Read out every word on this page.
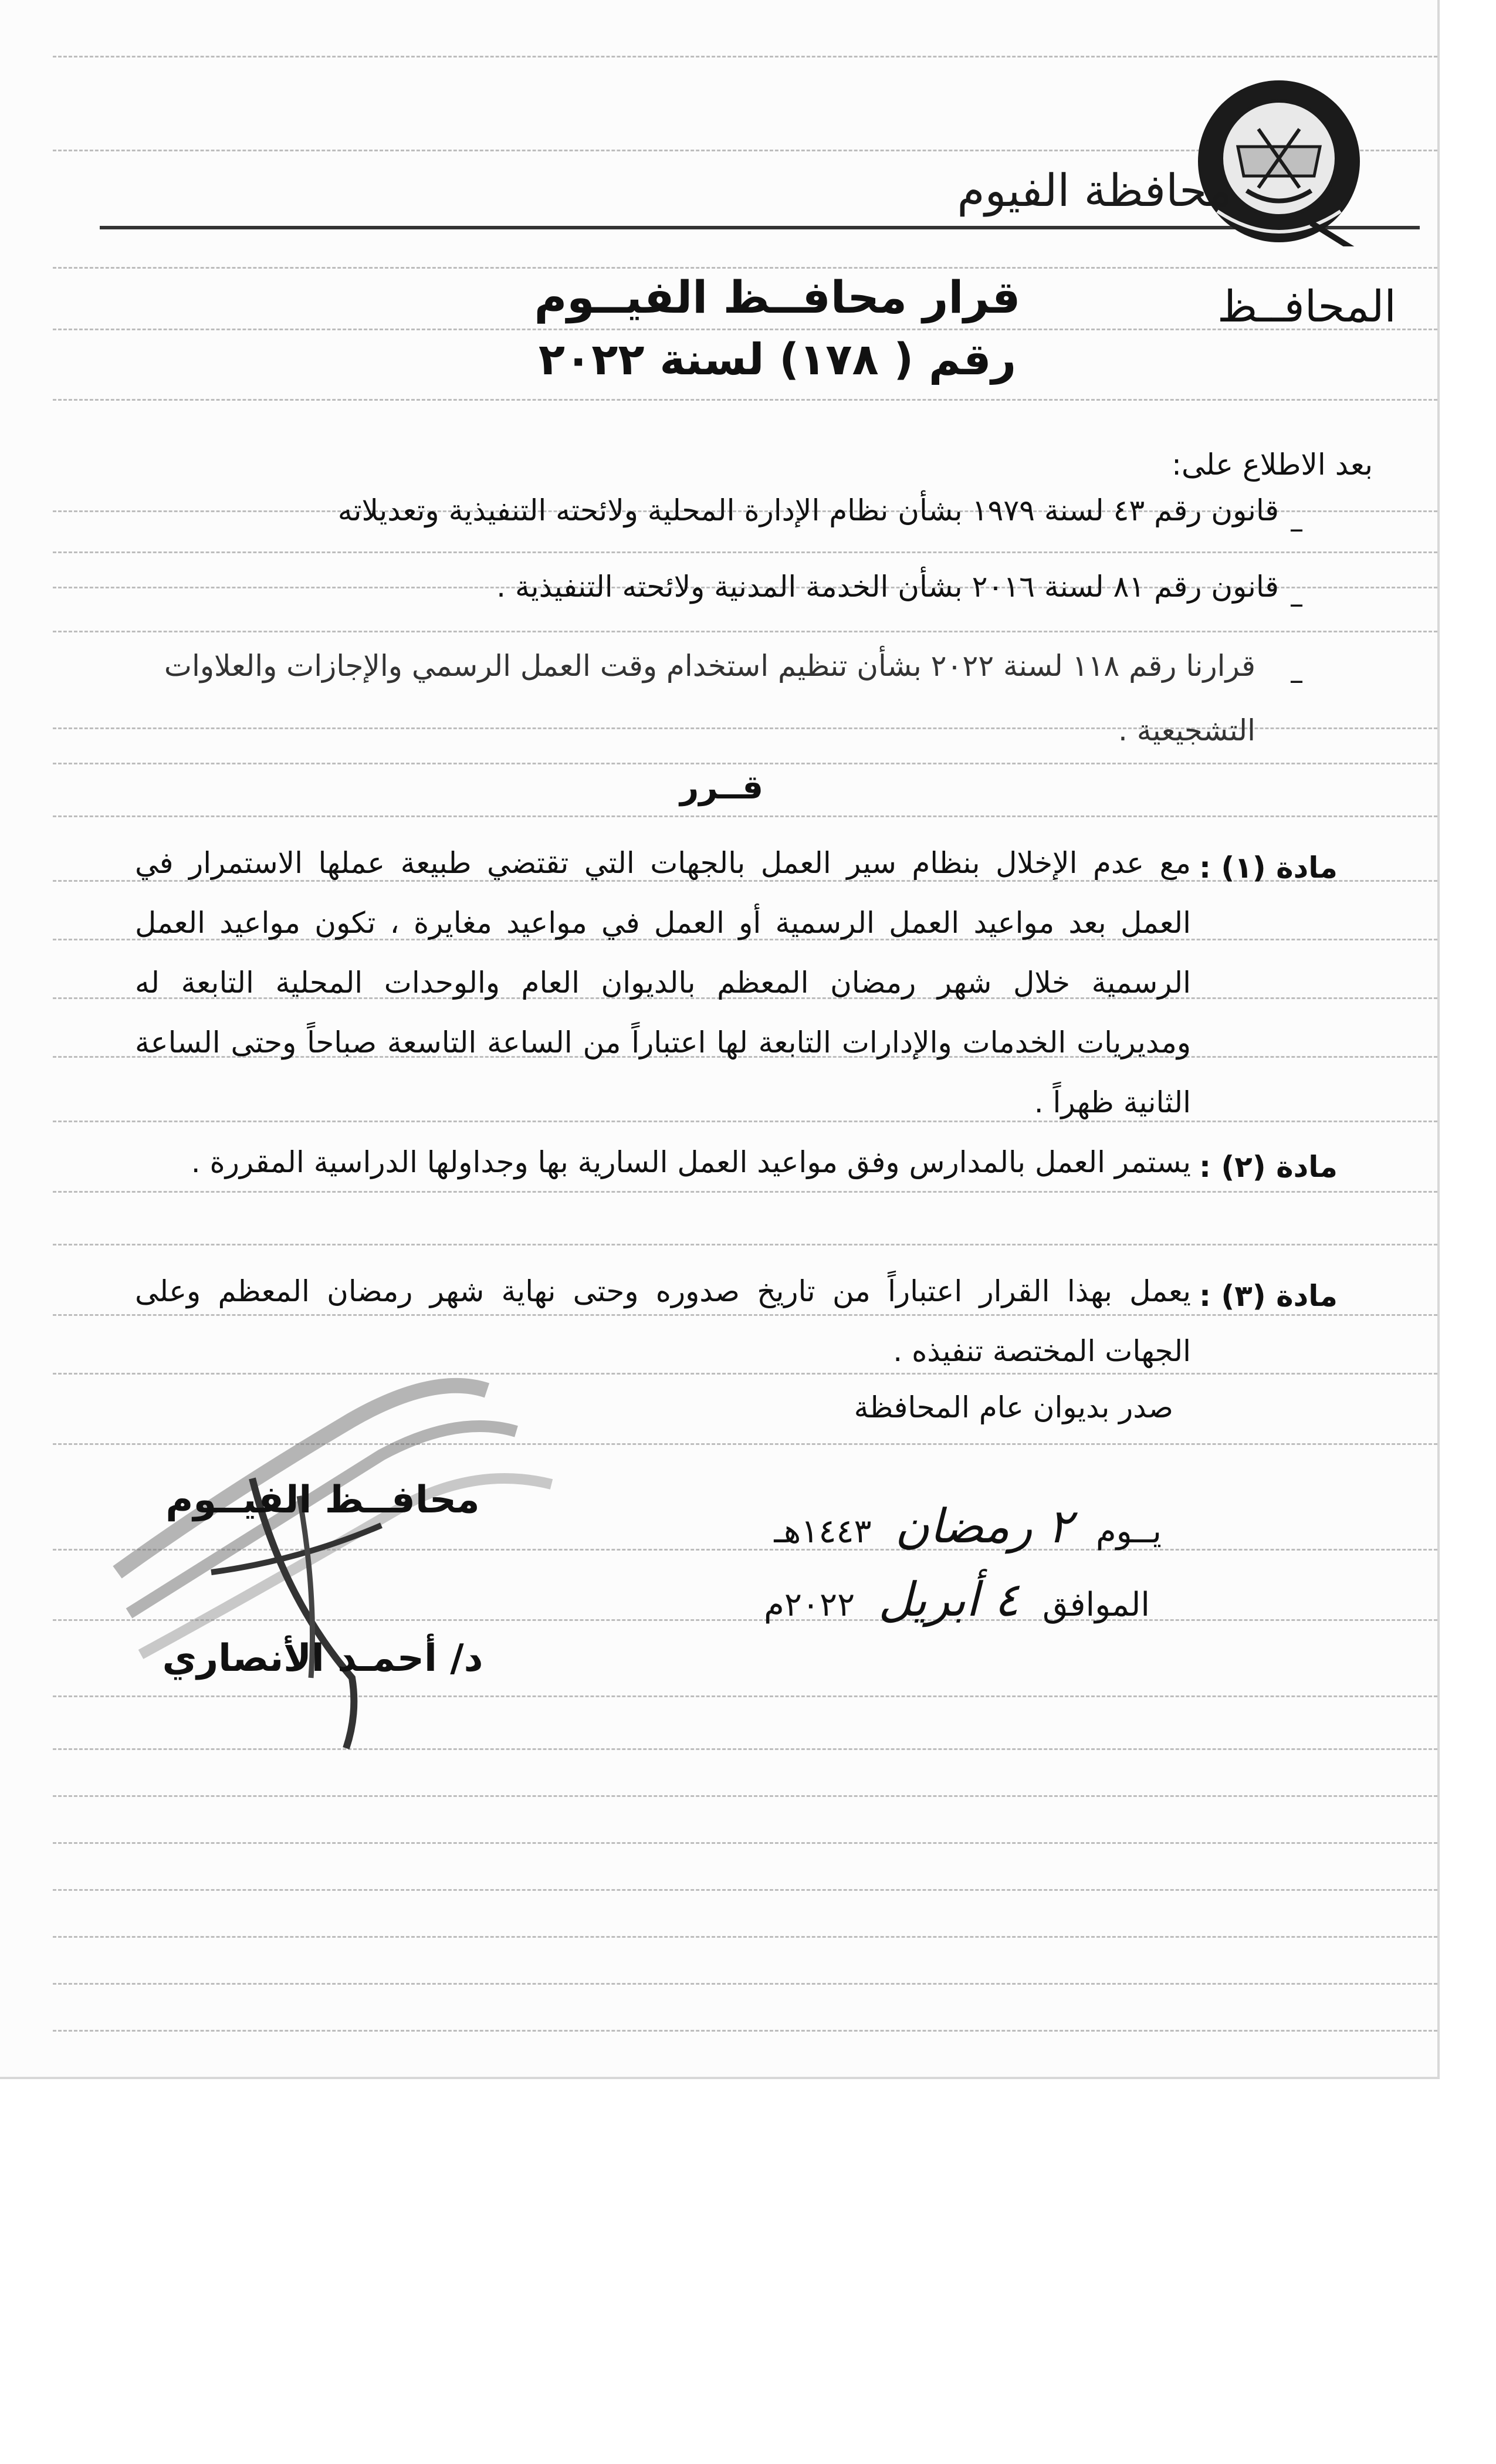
محافظة الفيوم
المحافــظ
قرار محافــظ الفيــوم
رقم ( ١٧٨) لسنة ٢٠٢٢
بعد الاطلاع على:
–
قانون رقم ٤٣ لسنة ١٩٧٩ بشأن نظام الإدارة المحلية ولائحته التنفيذية وتعديلاته
–
قانون رقم ٨١ لسنة ٢٠١٦ بشأن الخدمة المدنية ولائحته التنفيذية .
–
قرارنا رقم ١١٨ لسنة ٢٠٢٢ بشأن تنظيم استخدام وقت العمل الرسمي والإجازات والعلاوات التشجيعية .
قــرر
مادة (١) :
مع عدم الإخلال بنظام سير العمل بالجهات التي تقتضي طبيعة عملها الاستمرار في العمل بعد مواعيد العمل الرسمية أو العمل في مواعيد مغايرة ، تكون مواعيد العمل الرسمية خلال شهر رمضان المعظم بالديوان العام والوحدات المحلية التابعة له ومديريات الخدمات والإدارات التابعة لها اعتباراً من الساعة التاسعة صباحاً وحتى الساعة الثانية ظهراً .
مادة (٢) :
يستمر العمل بالمدارس وفق مواعيد العمل السارية بها وجداولها الدراسية المقررة .
مادة (٣) :
يعمل بهذا القرار اعتباراً من تاريخ صدوره وحتى نهاية شهر رمضان المعظم وعلى الجهات المختصة تنفيذه .
صدر بديوان عام المحافظة
يــوم
٢ رمضان
١٤٤٣هـ
الموافق
٤ أبريل
٢٠٢٢م
محافــظ الفيــوم
د/ أحمـد الأنصاري
